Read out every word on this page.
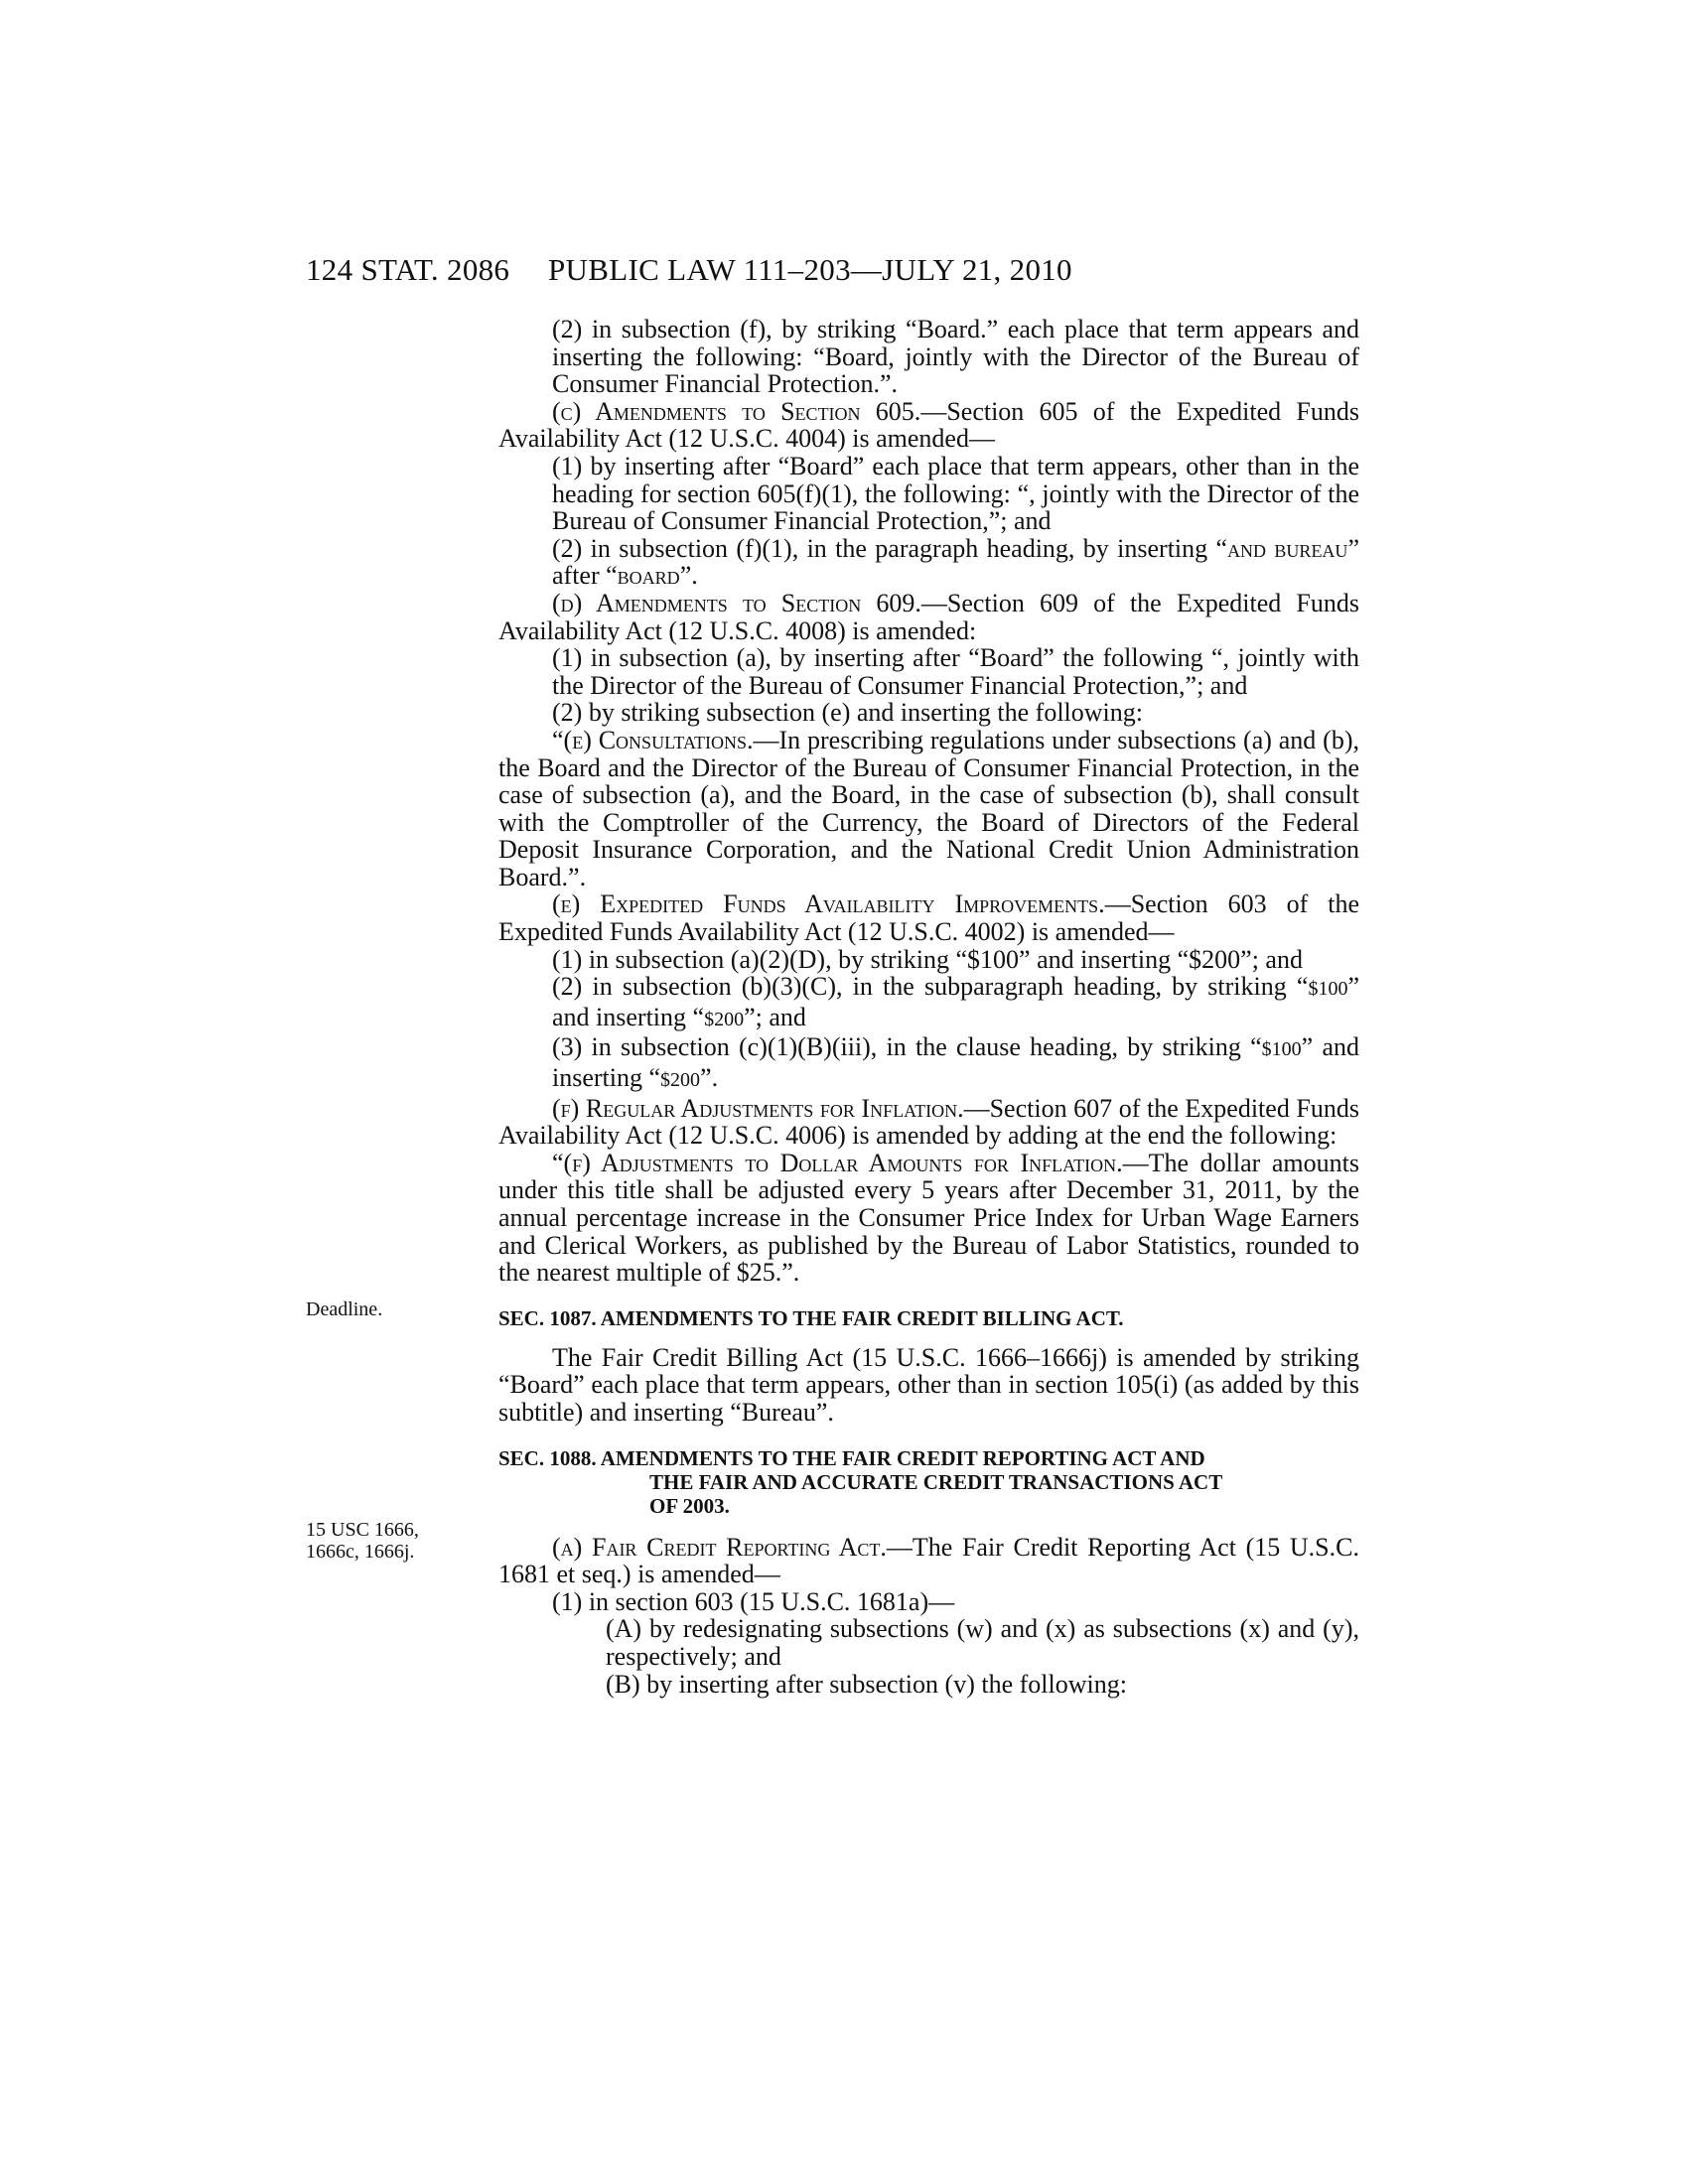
124 STAT. 2086 PUBLIC LAW 111–203—JULY 21, 2010

(2) in subsection (f), by striking “Board.” each place that term appears and inserting the following: “Board, jointly with the Director of the Bureau of Consumer Financial Protection.”.

(c) Amendments to Section 605.—Section 605 of the Expedited Funds Availability Act (12 U.S.C. 4004) is amended—

(1) by inserting after “Board” each place that term appears, other than in the heading for section 605(f)(1), the following: “, jointly with the Director of the Bureau of Consumer Financial Protection,”; and

(2) in subsection (f)(1), in the paragraph heading, by inserting “and bureau” after “board”.

(d) Amendments to Section 609.—Section 609 of the Expedited Funds Availability Act (12 U.S.C. 4008) is amended:

(1) in subsection (a), by inserting after “Board” the following “, jointly with the Director of the Bureau of Consumer Financial Protection,”; and

(2) by striking subsection (e) and inserting the following:

“(e) Consultations.—In prescribing regulations under subsections (a) and (b), the Board and the Director of the Bureau of Consumer Financial Protection, in the case of subsection (a), and the Board, in the case of subsection (b), shall consult with the Comptroller of the Currency, the Board of Directors of the Federal Deposit Insurance Corporation, and the National Credit Union Administration Board.”.

(e) Expedited Funds Availability Improvements.—Section 603 of the Expedited Funds Availability Act (12 U.S.C. 4002) is amended—

(1) in subsection (a)(2)(D), by striking “$100” and inserting “$200”; and

(2) in subsection (b)(3)(C), in the subparagraph heading, by striking “$100” and inserting “$200”; and

(3) in subsection (c)(1)(B)(iii), in the clause heading, by striking “$100” and inserting “$200”.

(f) Regular Adjustments for Inflation.—Section 607 of the Expedited Funds Availability Act (12 U.S.C. 4006) is amended by adding at the end the following:

“(f) Adjustments to Dollar Amounts for Inflation.—The dollar amounts under this title shall be adjusted every 5 years after December 31, 2011, by the annual percentage increase in the Consumer Price Index for Urban Wage Earners and Clerical Workers, as published by the Bureau of Labor Statistics, rounded to the nearest multiple of $25.”.

SEC. 1087. AMENDMENTS TO THE FAIR CREDIT BILLING ACT.

The Fair Credit Billing Act (15 U.S.C. 1666–1666j) is amended by striking “Board” each place that term appears, other than in section 105(i) (as added by this subtitle) and inserting “Bureau”.

SEC. 1088. AMENDMENTS TO THE FAIR CREDIT REPORTING ACT AND
THE FAIR AND ACCURATE CREDIT TRANSACTIONS ACT
OF 2003.

(a) Fair Credit Reporting Act.—The Fair Credit Reporting Act (15 U.S.C. 1681 et seq.) is amended—

(1) in section 603 (15 U.S.C. 1681a)—

(A) by redesignating subsections (w) and (x) as subsections (x) and (y), respectively; and

(B) by inserting after subsection (v) the following:

Deadline.
15 USC 1666,
1666c, 1666j.
